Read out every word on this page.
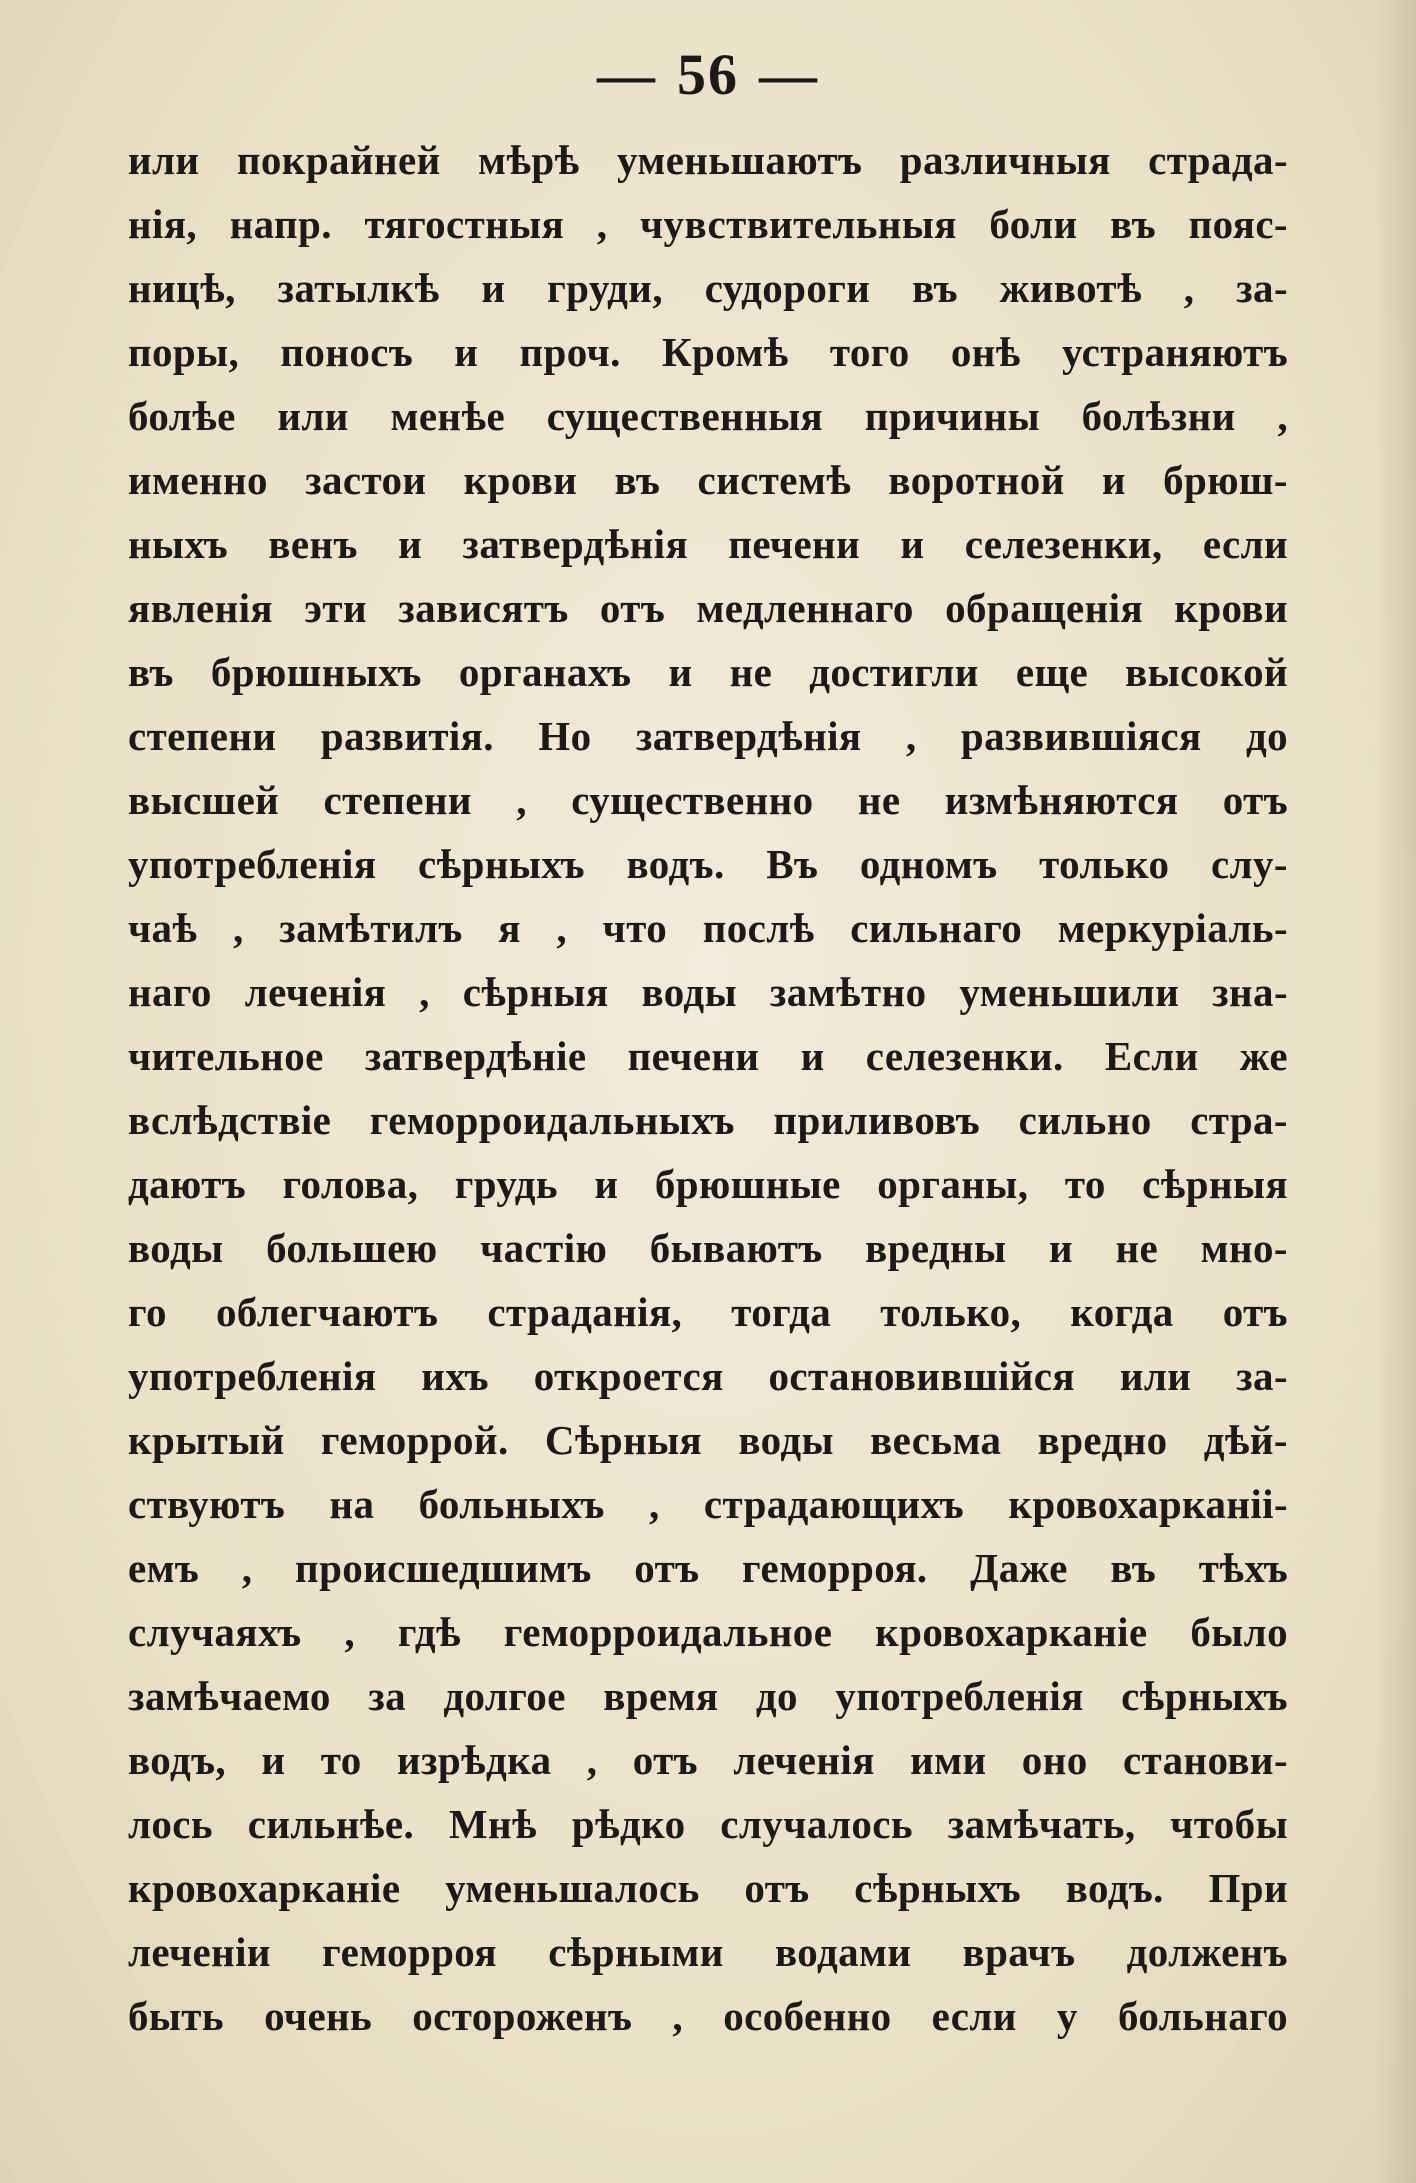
— 56 —
или покрайней мѣрѣ уменьшаютъ различныя страда-
нія, напр. тягостныя , чувствительныя боли въ пояс-
ницѣ, затылкѣ и груди, судороги въ животѣ , за-
поры, поносъ и проч. Кромѣ того онѣ устраняютъ
болѣе или менѣе существенныя причины болѣзни ,
именно застои крови въ системѣ воротной и брюш-
ныхъ венъ и затвердѣнія печени и селезенки, если
явленія эти зависятъ отъ медленнаго обращенія крови
въ брюшныхъ органахъ и не достигли еще высокой
степени развитія. Но затвердѣнія , развившіяся до
высшей степени , существенно не измѣняются отъ
употребленія сѣрныхъ водъ. Въ одномъ только слу-
чаѣ , замѣтилъ я , что послѣ сильнаго меркуріаль-
наго леченія , сѣрныя воды замѣтно уменьшили зна-
чительное затвердѣніе печени и селезенки. Если же
вслѣдствіе геморроидальныхъ приливовъ сильно стра-
даютъ голова, грудь и брюшные органы, то сѣрныя
воды большею частію бываютъ вредны и не мно-
го облегчаютъ страданія, тогда только, когда отъ
употребленія ихъ откроется остановившійся или за-
крытый геморрой. Сѣрныя воды весьма вредно дѣй-
ствуютъ на больныхъ , страдающихъ кровохарканіі-
емъ , происшедшимъ отъ геморроя. Даже въ тѣхъ
случаяхъ , гдѣ геморроидальное кровохарканіе было
замѣчаемо за долгое время до употребленія сѣрныхъ
водъ, и то изрѣдка , отъ леченія ими оно станови-
лось сильнѣе. Мнѣ рѣдко случалось замѣчать, чтобы
кровохарканіе уменьшалось отъ сѣрныхъ водъ. При
леченіи геморроя сѣрными водами врачъ долженъ
быть очень остороженъ , особенно если у больнаго
